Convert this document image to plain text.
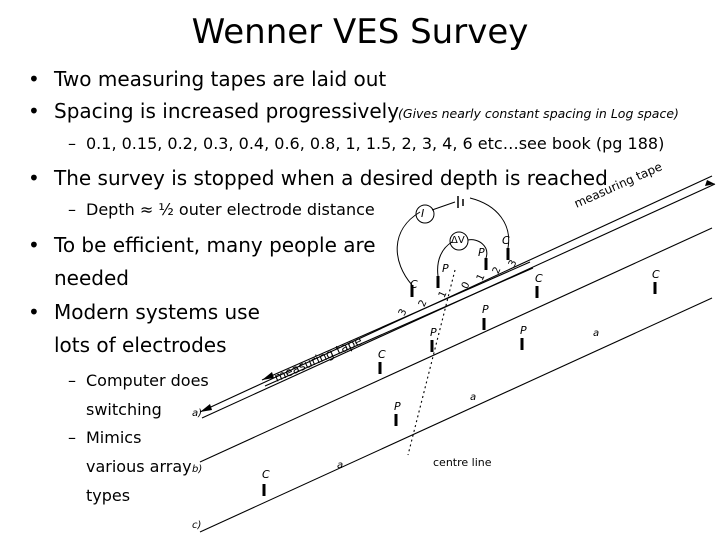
I
ΔV
measuring tape
measuring tape
centre line
C
P
P
C
C	C
P
P
C
P
P
C
a
a
a
a)
b)
c)
1
2
3
0
3
2
1
Wenner VES Survey
• Two measuring tapes are laid out
• Spacing is increased progressively
(Gives nearly constant spacing in Log space)
– 0.1, 0.15, 0.2, 0.3, 0.4, 0.6, 0.8, 1, 1.5, 2, 3, 4, 6 etc…see book (pg 188)
• The survey is stopped when a desired depth is reached
– Depth ≈ ½ outer electrode distance
• To be efficient, many people are
needed
• Modern systems use
lots of electrodes
– Computer does
switching
– Mimics
various array
types
